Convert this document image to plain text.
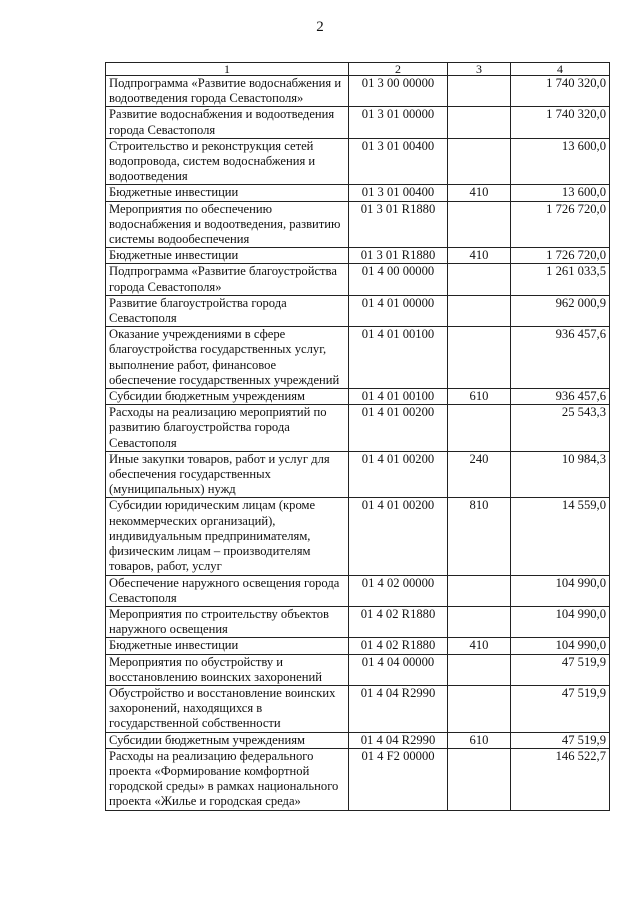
2
1	2	3	4
Подпрограмма «Развитие водоснабжения и водоотведения города Севастополя»	01 3 00 00000		1 740 320,0
Развитие водоснабжения и водоотведения города Севастополя	01 3 01 00000		1 740 320,0
Строительство и реконструкция сетей водопровода, систем водоснабжения и водоотведения	01 3 01 00400		13 600,0
Бюджетные инвестиции	01 3 01 00400	410	13 600,0
Мероприятия по обеспечению водоснабжения и водоотведения, развитию системы водообеспечения	01 3 01 R1880		1 726 720,0
Бюджетные инвестиции	01 3 01 R1880	410	1 726 720,0
Подпрограмма «Развитие благоустройства города Севастополя»	01 4 00 00000		1 261 033,5
Развитие благоустройства города Севастополя	01 4 01 00000		962 000,9
Оказание учреждениями в сфере благоустройства государственных услуг, выполнение работ, финансовое обеспечение государственных учреждений	01 4 01 00100		936 457,6
Субсидии бюджетным учреждениям	01 4 01 00100	610	936 457,6
Расходы на реализацию мероприятий по развитию благоустройства города Севастополя	01 4 01 00200		25 543,3
Иные закупки товаров, работ и услуг для обеспечения государственных (муниципальных) нужд	01 4 01 00200	240	10 984,3
Субсидии юридическим лицам (кроме некоммерческих организаций), индивидуальным предпринимателям, физическим лицам – производителям товаров, работ, услуг	01 4 01 00200	810	14 559,0
Обеспечение наружного освещения города Севастополя	01 4 02 00000		104 990,0
Мероприятия по строительству объектов наружного освещения	01 4 02 R1880		104 990,0
Бюджетные инвестиции	01 4 02 R1880	410	104 990,0
Мероприятия по обустройству и восстановлению воинских захоронений	01 4 04 00000		47 519,9
Обустройство и восстановление воинских захоронений, находящихся в государственной собственности	01 4 04 R2990		47 519,9
Субсидии бюджетным учреждениям	01 4 04 R2990	610	47 519,9
Расходы на реализацию федерального проекта «Формирование комфортной городской среды» в рамках национального проекта «Жилье и городская среда»	01 4 F2 00000		146 522,7
